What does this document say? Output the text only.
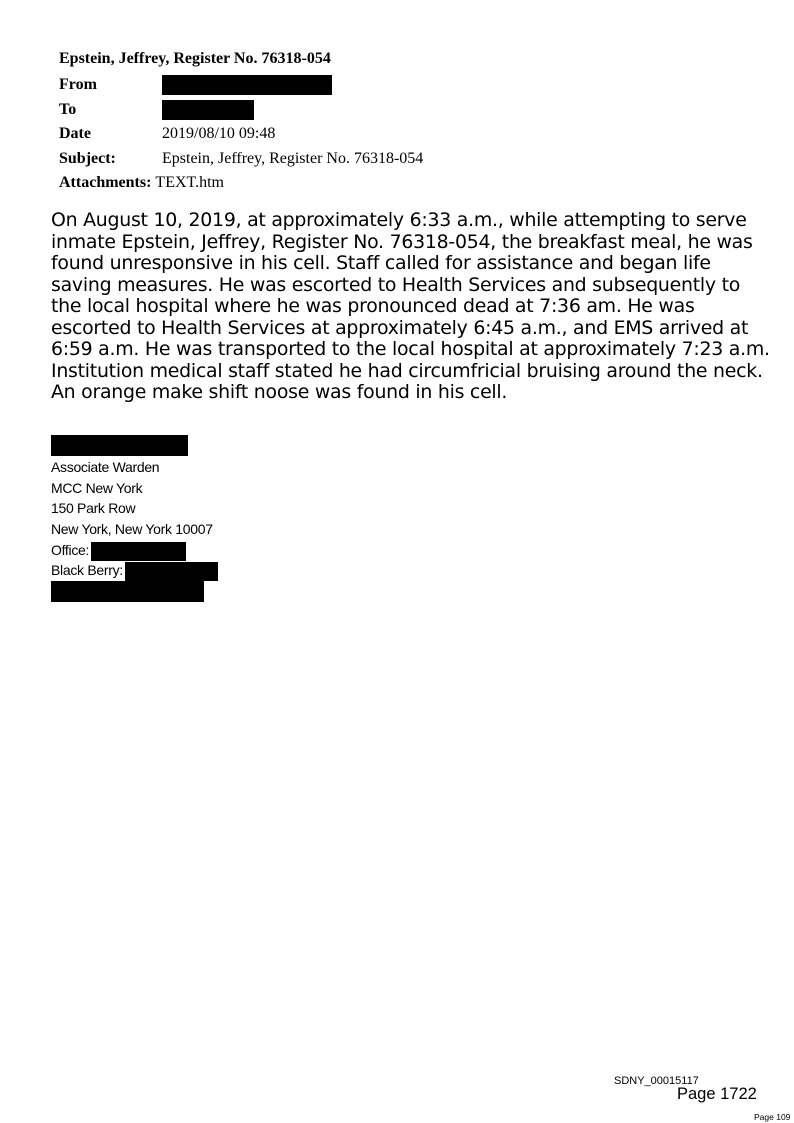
Epstein, Jeffrey, Register No. 76318-054
From
To
Date	2019/08/10 09:48
Subject:	Epstein, Jeffrey, Register No. 76318-054
Attachments: TEXT.htm

On August 10, 2019, at approximately 6:33 a.m., while attempting to serve inmate Epstein, Jeffrey, Register No. 76318-054, the breakfast meal, he was found unresponsive in his cell. Staff called for assistance and began life saving measures. He was escorted to Health Services and subsequently to the local hospital where he was pronounced dead at 7:36 am. He was escorted to Health Services at approximately 6:45 a.m., and EMS arrived at 6:59 a.m. He was transported to the local hospital at approximately 7:23 a.m. Institution medical staff stated he had circumfricial bruising around the neck. An orange make shift noose was found in his cell.

Associate Warden
MCC New York
150 Park Row
New York, New York 10007
Office:
Black Berry:
SDNY_00015117
Page 1722
Page 109
